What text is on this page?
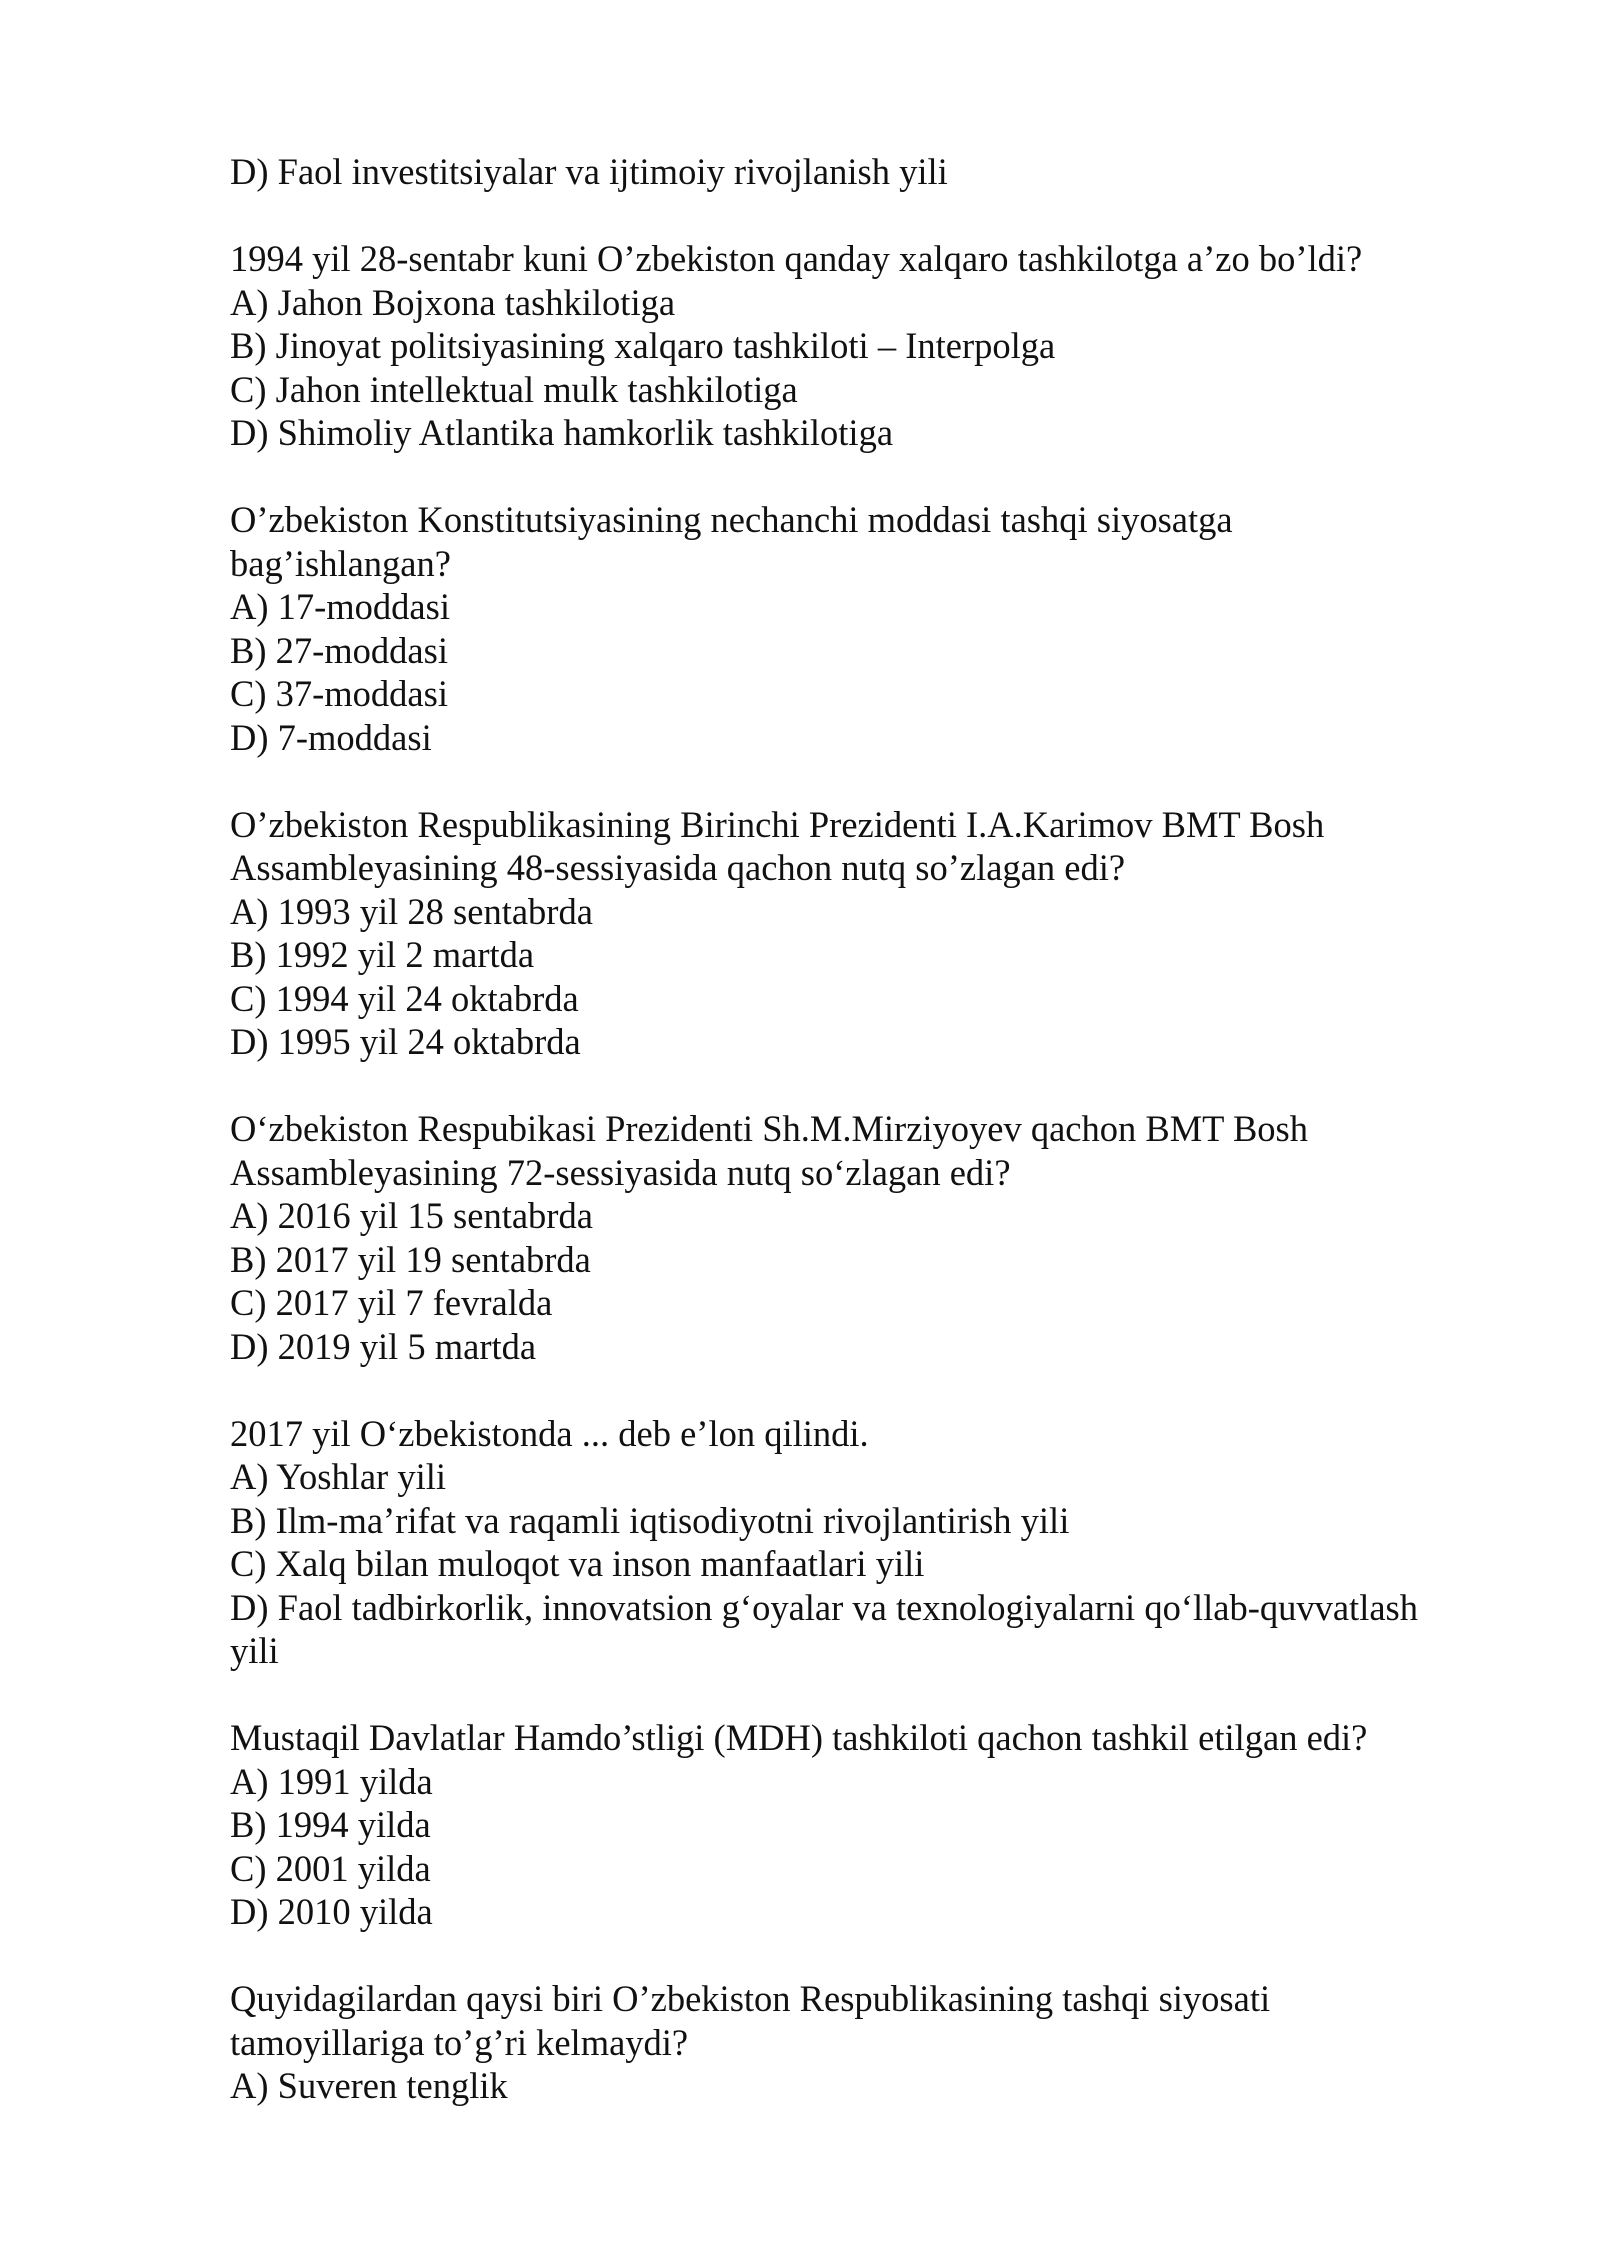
D) Faol investitsiyalar va ijtimoiy rivojlanish yili

1994 yil 28-sentabr kuni O’zbekiston qanday xalqaro tashkilotga a’zo bo’ldi?

A) Jahon Bojxona tashkilotiga

B) Jinoyat politsiyasining xalqaro tashkiloti – Interpolga

C) Jahon intellektual mulk tashkilotiga

D) Shimoliy Atlantika hamkorlik tashkilotiga

O’zbekiston Konstitutsiyasining nechanchi moddasi tashqi siyosatga

bag’ishlangan?

A) 17-moddasi

B) 27-moddasi

C) 37-moddasi

D) 7-moddasi

O’zbekiston Respublikasining Birinchi Prezidenti I.A.Karimov BMT Bosh

Assambleyasining 48-sessiyasida qachon nutq so’zlagan edi?

A) 1993 yil 28 sentabrda

B) 1992 yil 2 martda

C) 1994 yil 24 oktabrda

D) 1995 yil 24 oktabrda

O‘zbekiston Respubikasi Prezidenti Sh.M.Mirziyoyev qachon BMT Bosh

Assambleyasining 72-sessiyasida nutq so‘zlagan edi?

A) 2016 yil 15 sentabrda

B) 2017 yil 19 sentabrda

C) 2017 yil 7 fevralda

D) 2019 yil 5 martda

2017 yil O‘zbekistonda ... deb e’lon qilindi.

A) Yoshlar yili

B) Ilm-ma’rifat va raqamli iqtisodiyotni rivojlantirish yili

C) Xalq bilan muloqot va inson manfaatlari yili

D) Faol tadbirkorlik, innovatsion g‘oyalar va texnologiyalarni qo‘llab-quvvatlash

yili

Mustaqil Davlatlar Hamdo’stligi (MDH) tashkiloti qachon tashkil etilgan edi?

A) 1991 yilda

B) 1994 yilda

C) 2001 yilda

D) 2010 yilda

Quyidagilardan qaysi biri O’zbekiston Respublikasining tashqi siyosati

tamoyillariga to’g’ri kelmaydi?

A) Suveren tenglik
